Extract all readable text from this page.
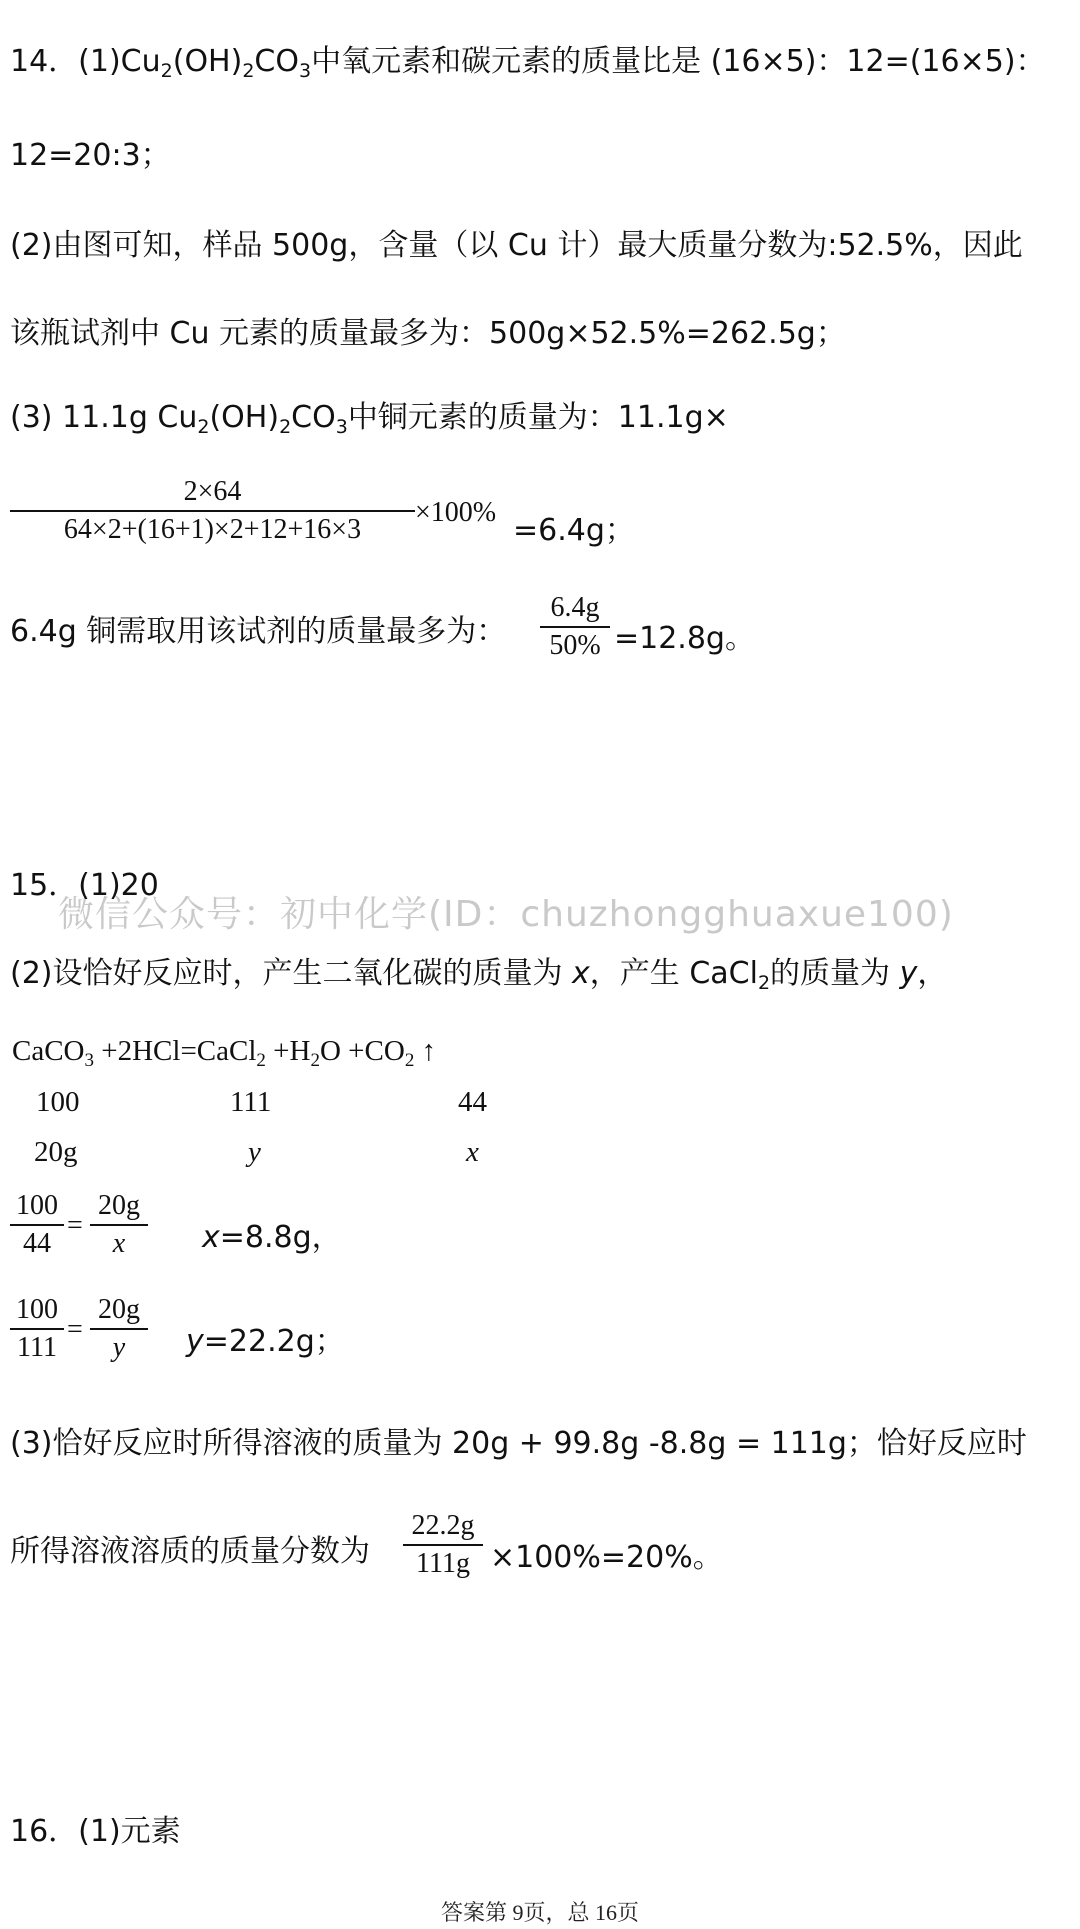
14．$(1)Cu_2(OH)_2CO_3$中氧元素和碳元素的质量比是 (16×5)：12=(16×5)：
12=20:3；
(2)由图可知，样品 500g，含量（以 Cu 计）最大质量分数为:52.5%，因此
该瓶试剂中 Cu 元素的质量最多为：500g×52.5%=262.5g；
(3) 11.1g $Cu_2(OH)_2CO_3$中铜元素的质量为：11.1g×
2×64
64×2+(16+1)×2+12+16×3
×100%
=6.4g；
6.4g 铜需取用该试剂的质量最多为：
6.4g
50% =12.8g。
微信公众号：初中化学(ID：chuzhongghuaxue100)
15．(1)20
(2)设恰好反应时，产生二氧化碳的质量为 x，产生 CaCl$_2$的质量为 y，
CaCO$_3$ +2HCl=CaCl$_2$ $+H_2O +CO_2$ ↑
100	111	44
20g	y	x
100
44
=
20g
x	x=8.8g，
100
111
=
20g
y	y=22.2g；
(3)恰好反应时所得溶液的质量为 20g + 99.8g -8.8g = 111g；恰好反应时
所得溶液溶质的质量分数为
22.2g
111g ×100%=20%。
16．(1)元素
答案第 9页，总 16页
